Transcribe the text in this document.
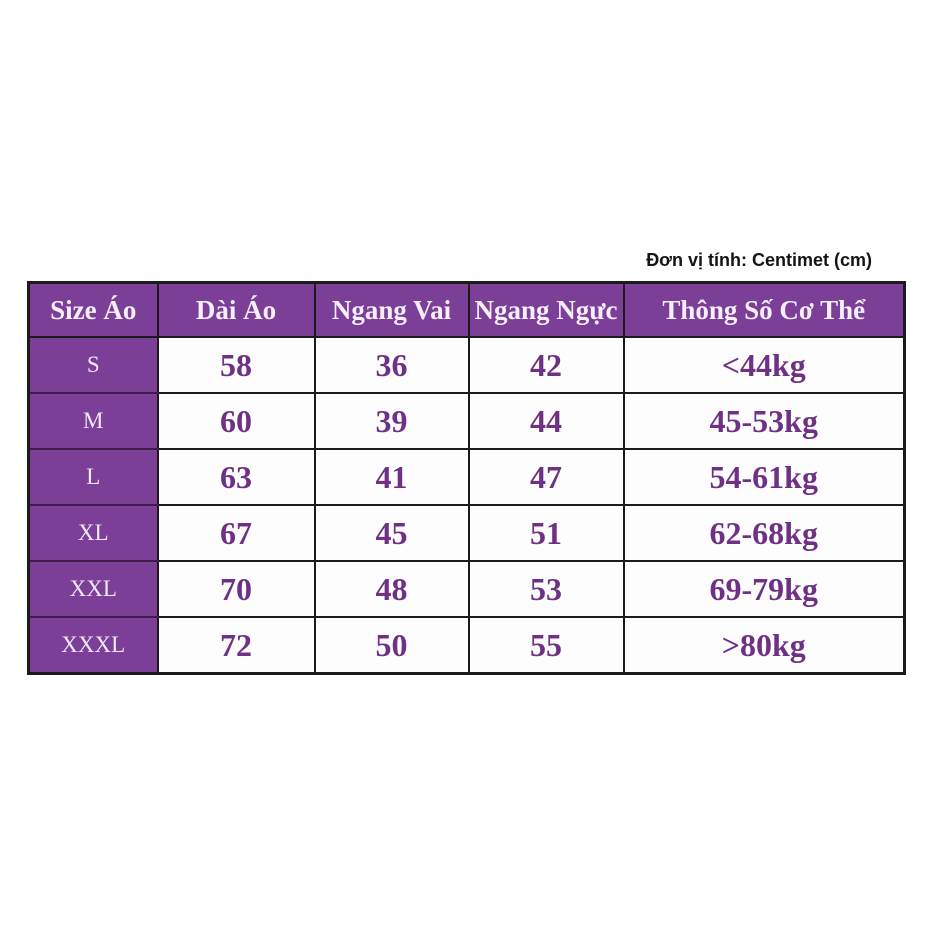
Đơn vị tính: Centimet (cm)
Size Áo	Dài Áo	Ngang Vai	Ngang Ngực	Thông Số Cơ Thể
S	58	36	42	<44kg
M	60	39	44	45-53kg
L	63	41	47	54-61kg
XL	67	45	51	62-68kg
XXL	70	48	53	69-79kg
XXXL	72	50	55	>80kg
